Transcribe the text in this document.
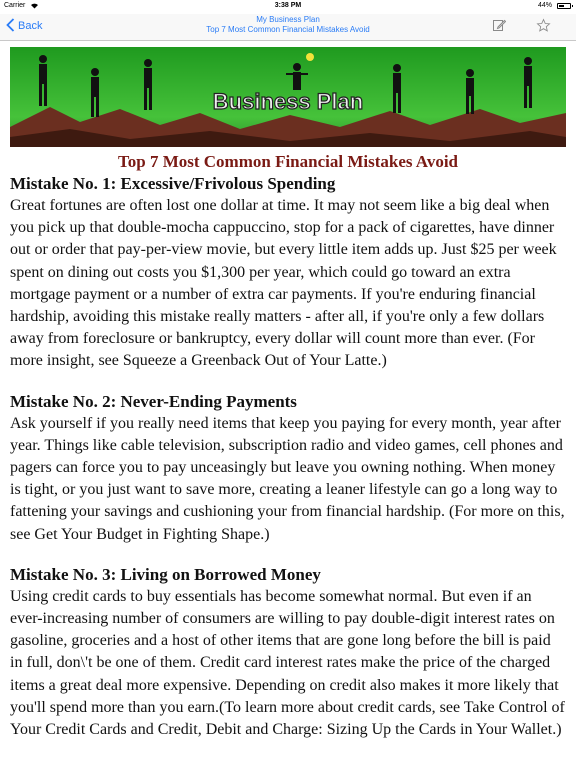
Carrier	3:38 PM	44%
Back
My Business Plan
Top 7 Most Common Financial Mistakes Avoid
Business Plan
Top 7 Most Common Financial Mistakes Avoid
Mistake No. 1: Excessive/Frivolous Spending

Great fortunes are often lost one dollar at time. It may not seem like a big deal when you pick up that double-mocha cappuccino, stop for a pack of cigarettes, have dinner out or order that pay-per-view movie, but every little item adds up. Just $25 per week spent on dining out costs you $1,300 per year, which could go toward an extra mortgage payment or a number of extra car payments. If you're enduring financial hardship, avoiding this mistake really matters - after all, if you're only a few dollars away from foreclosure or bankruptcy, every dollar will count more than ever. (For more insight, see Squeeze a Greenback Out of Your Latte.)

Mistake No. 2: Never-Ending Payments

Ask yourself if you really need items that keep you paying for every month, year after year. Things like cable television, subscription radio and video games, cell phones and pagers can force you to pay unceasingly but leave you owning nothing. When money is tight, or you just want to save more, creating a leaner lifestyle can go a long way to fattening your savings and cushioning your from financial hardship. (For more on this, see Get Your Budget in Fighting Shape.)

Mistake No. 3: Living on Borrowed Money

Using credit cards to buy essentials has become somewhat normal. But even if an ever-increasing number of consumers are willing to pay double-digit interest rates on gasoline, groceries and a host of other items that are gone long before the bill is paid in full, don\'t be one of them. Credit card interest rates make the price of the charged items a great deal more expensive. Depending on credit also makes it more likely that you'll spend more than you earn.(To learn more about credit cards, see Take Control of Your Credit Cards and Credit, Debit and Charge: Sizing Up the Cards in Your Wallet.)
